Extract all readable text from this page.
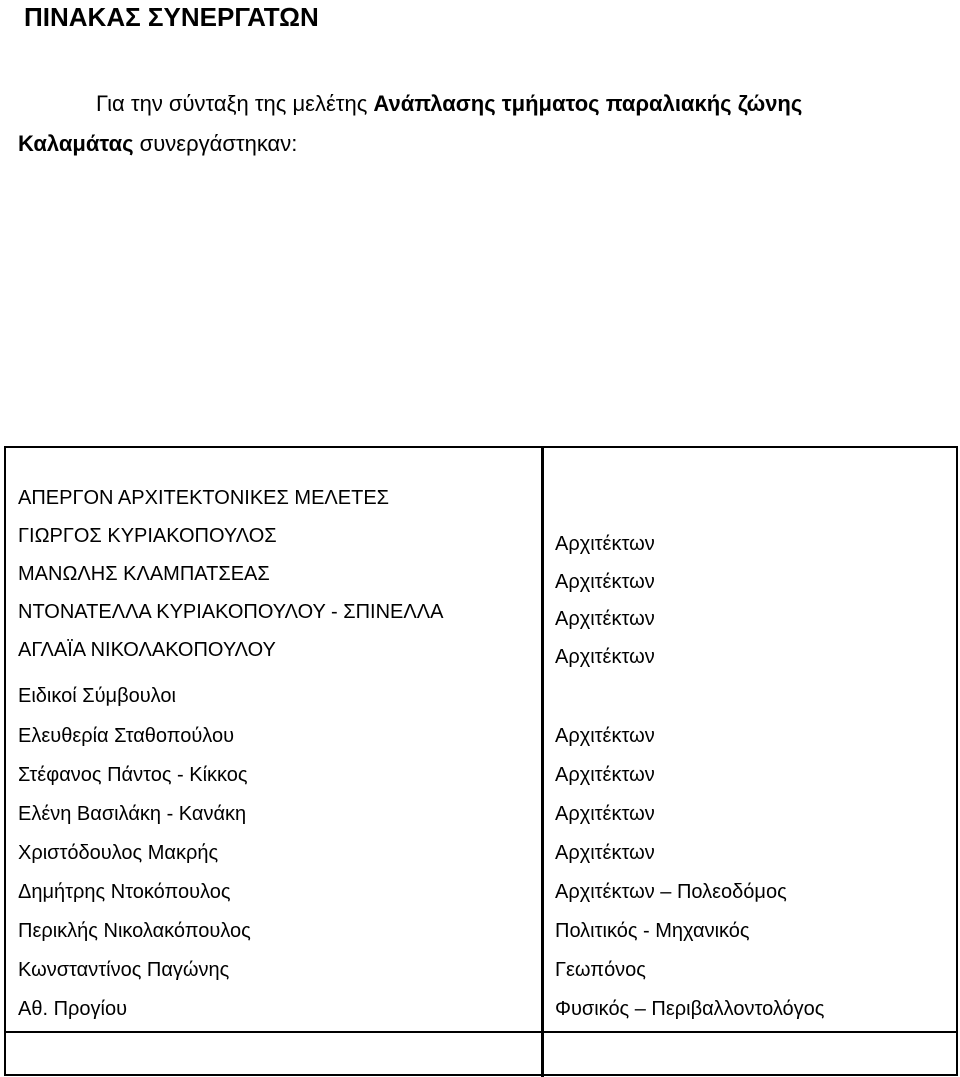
ΠΙΝΑΚΑΣ ΣΥΝΕΡΓΑΤΩΝ

Για την σύνταξη της μελέτης Ανάπλασης τμήματος παραλιακής ζώνης
Καλαμάτας συνεργάστηκαν:

ΑΠΕΡΓΟΝ ΑΡΧΙΤΕΚΤΟΝΙΚΕΣ ΜΕΛΕΤΕΣ
ΓΙΩΡΓΟΣ ΚΥΡΙΑΚΟΠΟΥΛΟΣ
ΜΑΝΩΛΗΣ ΚΛΑΜΠΑΤΣΕΑΣ
ΝΤΟΝΑΤΕΛΛΑ ΚΥΡΙΑΚΟΠΟΥΛΟΥ - ΣΠΙΝΕΛΛΑ
ΑΓΛΑΪΑ ΝΙΚΟΛΑΚΟΠΟΥΛΟΥ
Ειδικοί Σύμβουλοι
Ελευθερία Σταθοπούλου
Στέφανος Πάντος - Κίκκος
Ελένη Βασιλάκη - Κανάκη
Χριστόδουλος Μακρής
Δημήτρης Ντοκόπουλος
Περικλής Νικολακόπουλος
Κωνσταντίνος Παγώνης
Αθ. Προγίου
Αρχιτέκτων
Αρχιτέκτων
Αρχιτέκτων
Αρχιτέκτων
Αρχιτέκτων
Αρχιτέκτων
Αρχιτέκτων
Αρχιτέκτων
Αρχιτέκτων – Πολεοδόμος
Πολιτικός - Μηχανικός
Γεωπόνος
Φυσικός – Περιβαλλοντολόγος
